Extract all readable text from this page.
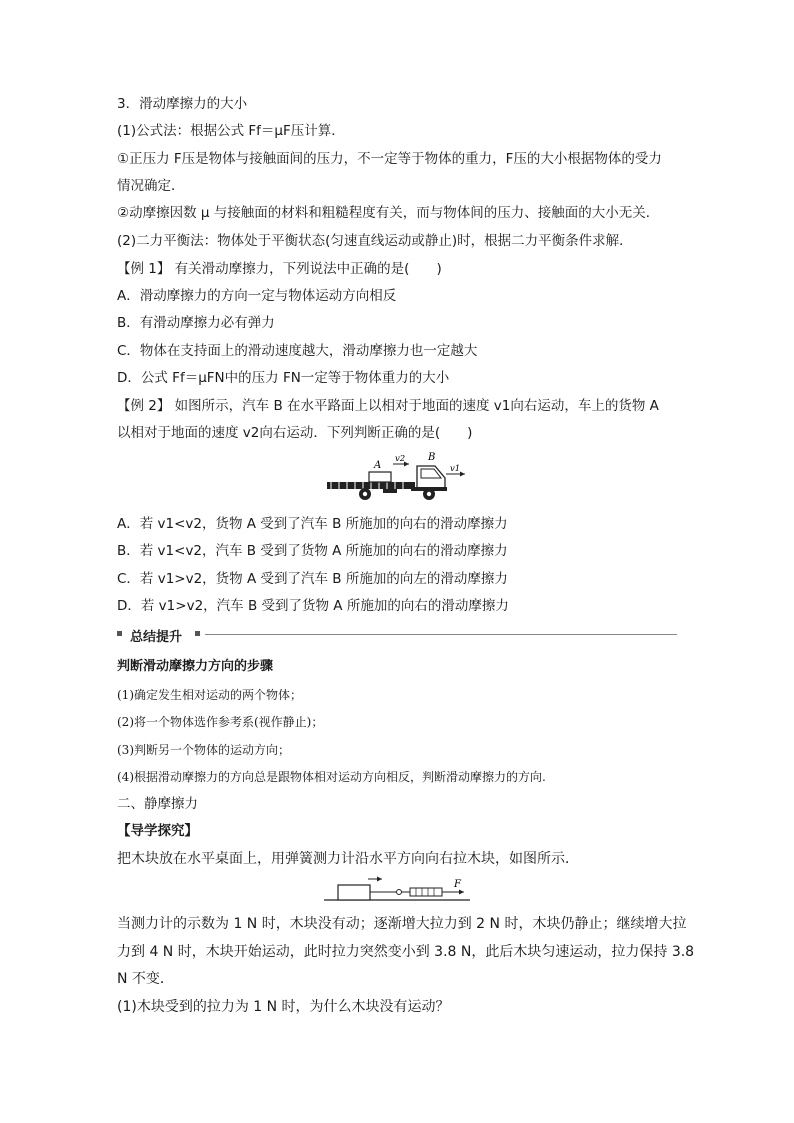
3．滑动摩擦力的大小
(1)公式法：根据公式 Ff＝μF压计算．
①正压力 F压是物体与接触面间的压力，不一定等于物体的重力，F压的大小根据物体的受力
情况确定．
②动摩擦因数 μ 与接触面的材料和粗糙程度有关，而与物体间的压力、接触面的大小无关．
(2)二力平衡法：物体处于平衡状态(匀速直线运动或静止)时，根据二力平衡条件求解．
【例 1】 有关滑动摩擦力，下列说法中正确的是(　　)
A．滑动摩擦力的方向一定与物体运动方向相反
B．有滑动摩擦力必有弹力
C．物体在支持面上的滑动速度越大，滑动摩擦力也一定越大
D．公式 Ff＝μFN中的压力 FN一定等于物体重力的大小
【例 2】 如图所示，汽车 B 在水平路面上以相对于地面的速度 v1向右运动，车上的货物 A
以相对于地面的速度 v2向右运动．下列判断正确的是(　　)
A
v2 B
v1
A．若 v1<v2，货物 A 受到了汽车 B 所施加的向右的滑动摩擦力
B．若 v1<v2，汽车 B 受到了货物 A 所施加的向右的滑动摩擦力
C．若 v1>v2，货物 A 受到了汽车 B 所施加的向左的滑动摩擦力
D．若 v1>v2，汽车 B 受到了货物 A 所施加的向右的滑动摩擦力
总结提升
判断滑动摩擦力方向的步骤
(1)确定发生相对运动的两个物体；
(2)将一个物体选作参考系(视作静止)；
(3)判断另一个物体的运动方向；
(4)根据滑动摩擦力的方向总是跟物体相对运动方向相反，判断滑动摩擦力的方向.
二、静摩擦力
【导学探究】
把木块放在水平桌面上，用弹簧测力计沿水平方向向右拉木块，如图所示．
F
当测力计的示数为 1 N 时，木块没有动；逐渐增大拉力到 2 N 时，木块仍静止；继续增大拉
力到 4 N 时，木块开始运动，此时拉力突然变小到 3.8 N，此后木块匀速运动，拉力保持 3.8
N 不变．
(1)木块受到的拉力为 1 N 时，为什么木块没有运动？
